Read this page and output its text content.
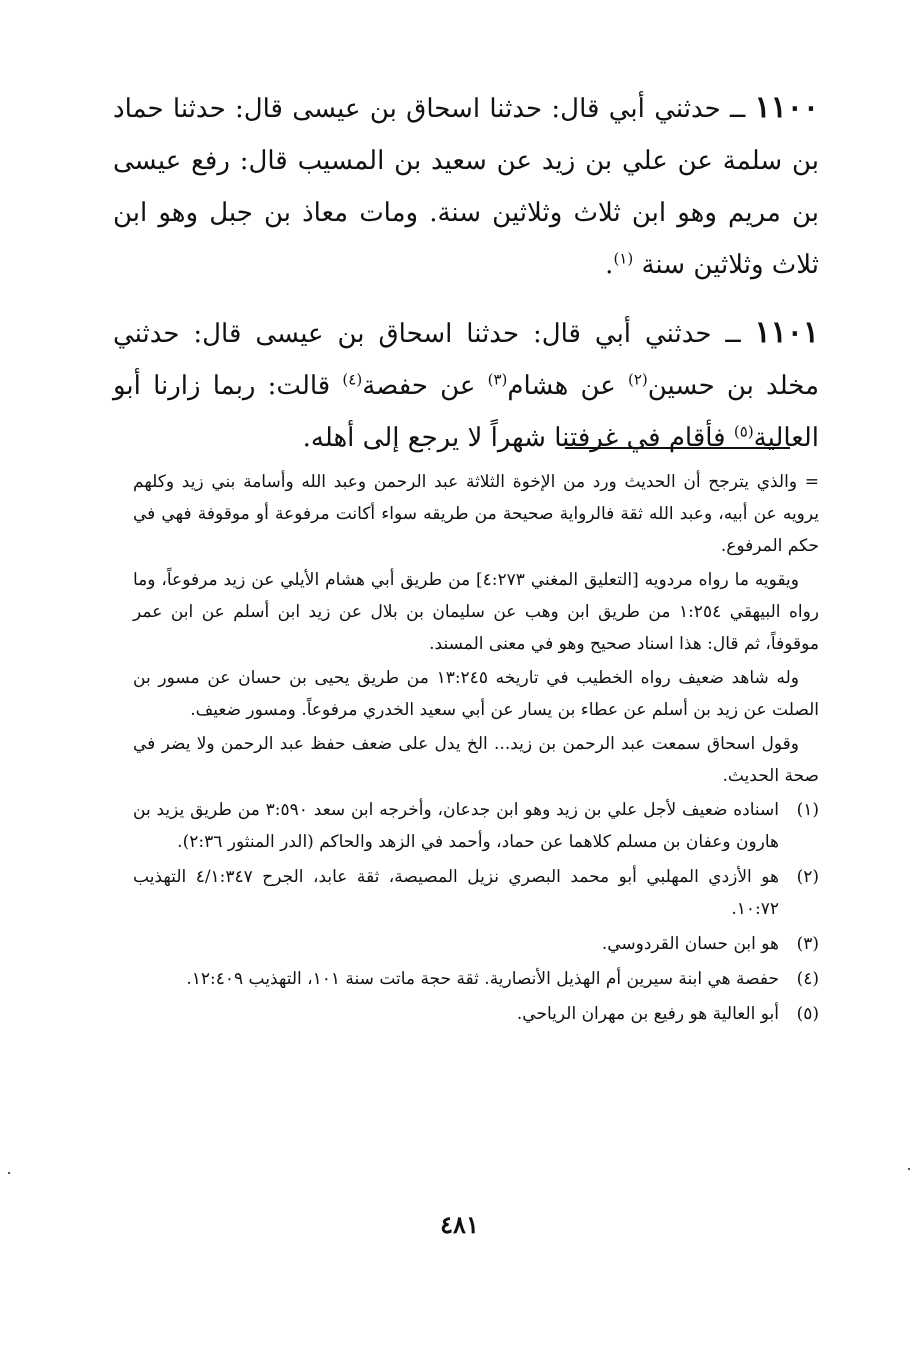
١١٠٠ ــ حدثني أبي قال: حدثنا اسحاق بن عيسى قال: حدثنا حماد بن سلمة عن علي بن زيد عن سعيد بن المسيب قال: رفع عيسى بن مريم وهو ابن ثلاث وثلاثين سنة. ومات معاذ بن جبل وهو ابن ثلاث وثلاثين سنة $^{(١)}$.

١١٠١ ــ حدثني أبي قال: حدثنا اسحاق بن عيسى قال: حدثني مخلد بن حسين$^{(٢)}$ عن هشام$^{(٣)}$ عن حفصة$^{(٤)}$ قالت: ربما زارنا أبو العالية$^{(٥)}$ فأقام في غرفتنا شهراً لا يرجع إلى أهله.

= والذي يترجح أن الحديث ورد من الإخوة الثلاثة عبد الرحمن وعبد الله وأسامة بني زيد وكلهم يرويه عن أبيه، وعبد الله ثقة فالرواية صحيحة من طريقه سواء أكانت مرفوعة أو موقوفة فهي في حكم المرفوع.

ويقويه ما رواه مردويه [التعليق المغني ٤:٢٧٣] من طريق أبي هشام الأيلي عن زيد مرفوعاً، وما رواه البيهقي ١:٢٥٤ من طريق ابن وهب عن سليمان بن بلال عن زيد ابن أسلم عن ابن عمر موقوفاً، ثم قال: هذا اسناد صحيح وهو في معنى المسند.

وله شاهد ضعيف رواه الخطيب في تاريخه ١٣:٢٤٥ من طريق يحيى بن حسان عن مسور بن الصلت عن زيد بن أسلم عن عطاء بن يسار عن أبي سعيد الخدري مرفوعاً. ومسور ضعيف.

وقول اسحاق سمعت عبد الرحمن بن زيد... الخ يدل على ضعف حفظ عبد الرحمن ولا يضر في صحة الحديث.

(١)
اسناده ضعيف لأجل علي بن زيد وهو ابن جدعان، وأخرجه ابن سعد ٣:٥٩٠ من طريق يزيد بن هارون وعفان بن مسلم كلاهما عن حماد، وأحمد في الزهد والحاكم (الدر المنثور ٢:٣٦).
(٢)
هو الأزدي المهلبي أبو محمد البصري نزيل المصيصة، ثقة عابد، الجرح ٤/١:٣٤٧ التهذيب ١٠:٧٢.
(٣)
هو ابن حسان القردوسي.
(٤)
حفصة هي ابنة سيرين أم الهذيل الأنصارية. ثقة حجة ماتت سنة ١٠١، التهذيب ١٢:٤٠٩.
(٥)
أبو العالية هو رفيع بن مهران الرياحي.
٤٨١
